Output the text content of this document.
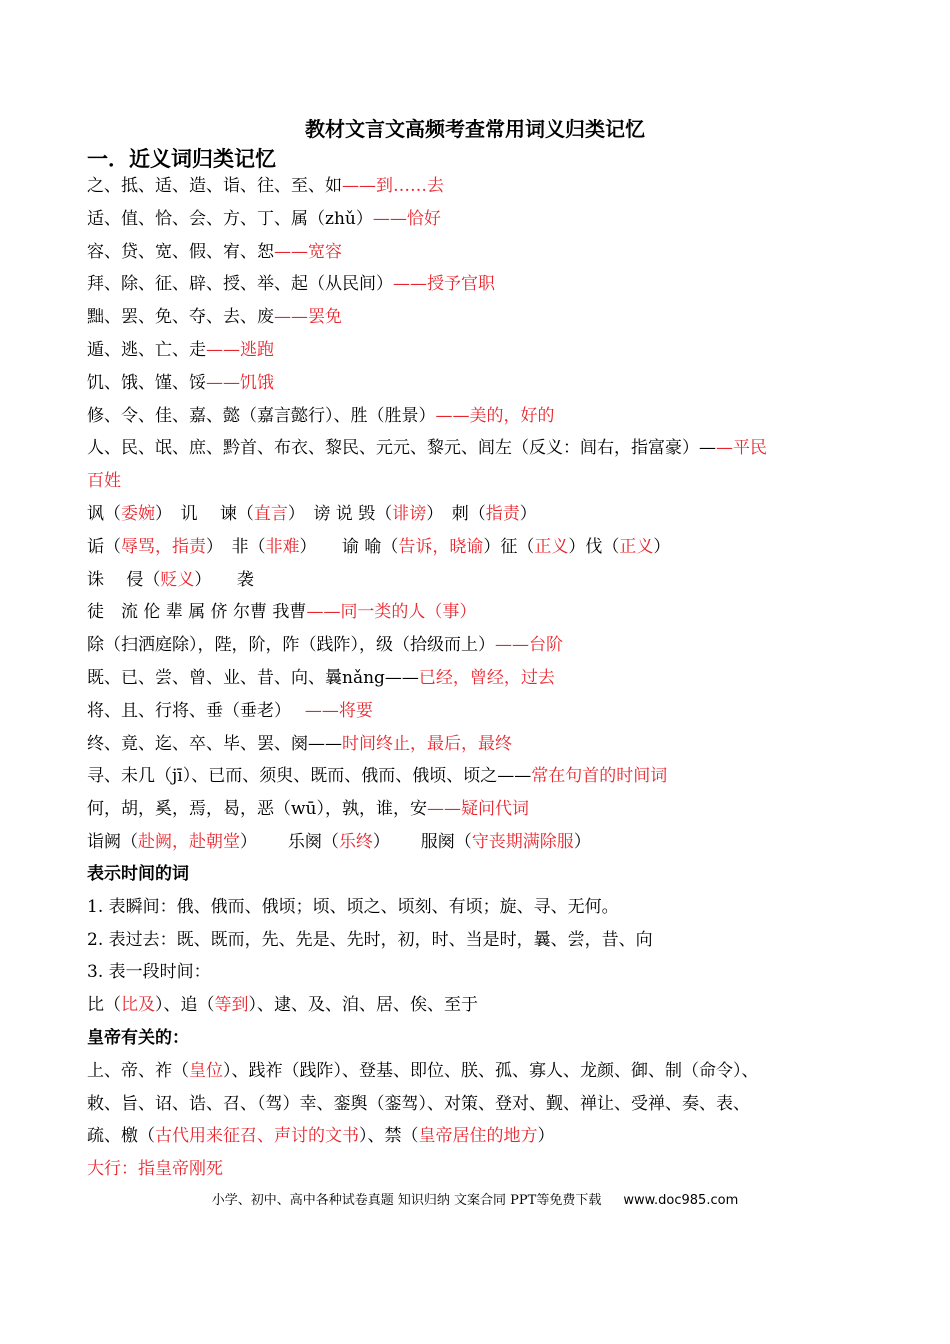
教材文言文高频考查常用词义归类记忆
一．近义词归类记忆
之、抵、适、造、诣、往、至、如——到……去
适、值、恰、会、方、丁、属（zhǔ）——恰好
容、贷、宽、假、宥、恕——宽容
拜、除、征、辟、授、举、起（从民间）——授予官职
黜、罢、免、夺、去、废——罢免
遁、逃、亡、走——逃跑
饥、饿、馑、馁——饥饿
修、令、佳、嘉、懿（嘉言懿行）、胜（胜景）——美的，好的
人、民、氓、庶、黔首、布衣、黎民、元元、黎元、闾左（反义：闾右，指富豪）——平民
百姓
讽（委婉）　讥　 谏（直言）　谤 说 毁（诽谤）　刺（指责）
诟（辱骂，指责）　非（非难）　　谕 喻（告诉，晓谕）征（正义）伐（正义）
诛　 侵（贬义）　　袭
徒　流 伦 辈 属 侪 尔曹 我曹——同一类的人（事）
除（扫洒庭除），陛，阶，阼（践阼），级（拾级而上）——台阶
既、已、尝、曾、业、昔、向、曩nǎng——已经，曾经，过去
将、且、行将、垂（垂老）　 ——将要
终、竟、迄、卒、毕、罢、阕——时间终止，最后，最终
寻、未几（jī）、已而、须臾、既而、俄而、俄顷、顷之——常在句首的时间词
何，胡，奚，焉，曷，恶（wū），孰，谁，安——疑问代词
诣阙（赴阙，赴朝堂）　　 乐阕（乐终）　　 服阕（守丧期满除服）
表示时间的词
1. 表瞬间：俄、俄而、俄顷；顷、顷之、顷刻、有顷；旋、寻、无何。
2. 表过去：既、既而，先、先是、先时，初，时、当是时，曩、尝，昔、向
3. 表一段时间：
比（比及）、追（等到）、逮、及、洎、居、俟、至于
皇帝有关的：
上、帝、祚（皇位）、践祚（践阼）、登基、即位、朕、孤、寡人、龙颜、御、制（命令）、
敕、旨、诏、诰、召、（驾）幸、銮舆（銮驾）、对策、登对、觐、禅让、受禅、奏、表、
疏、檄（古代用来征召、声讨的文书）、禁（皇帝居住的地方）
大行：指皇帝刚死
小学、初中、高中各种试卷真题 知识归纳 文案合同 PPT等免费下载 www.doc985.com
